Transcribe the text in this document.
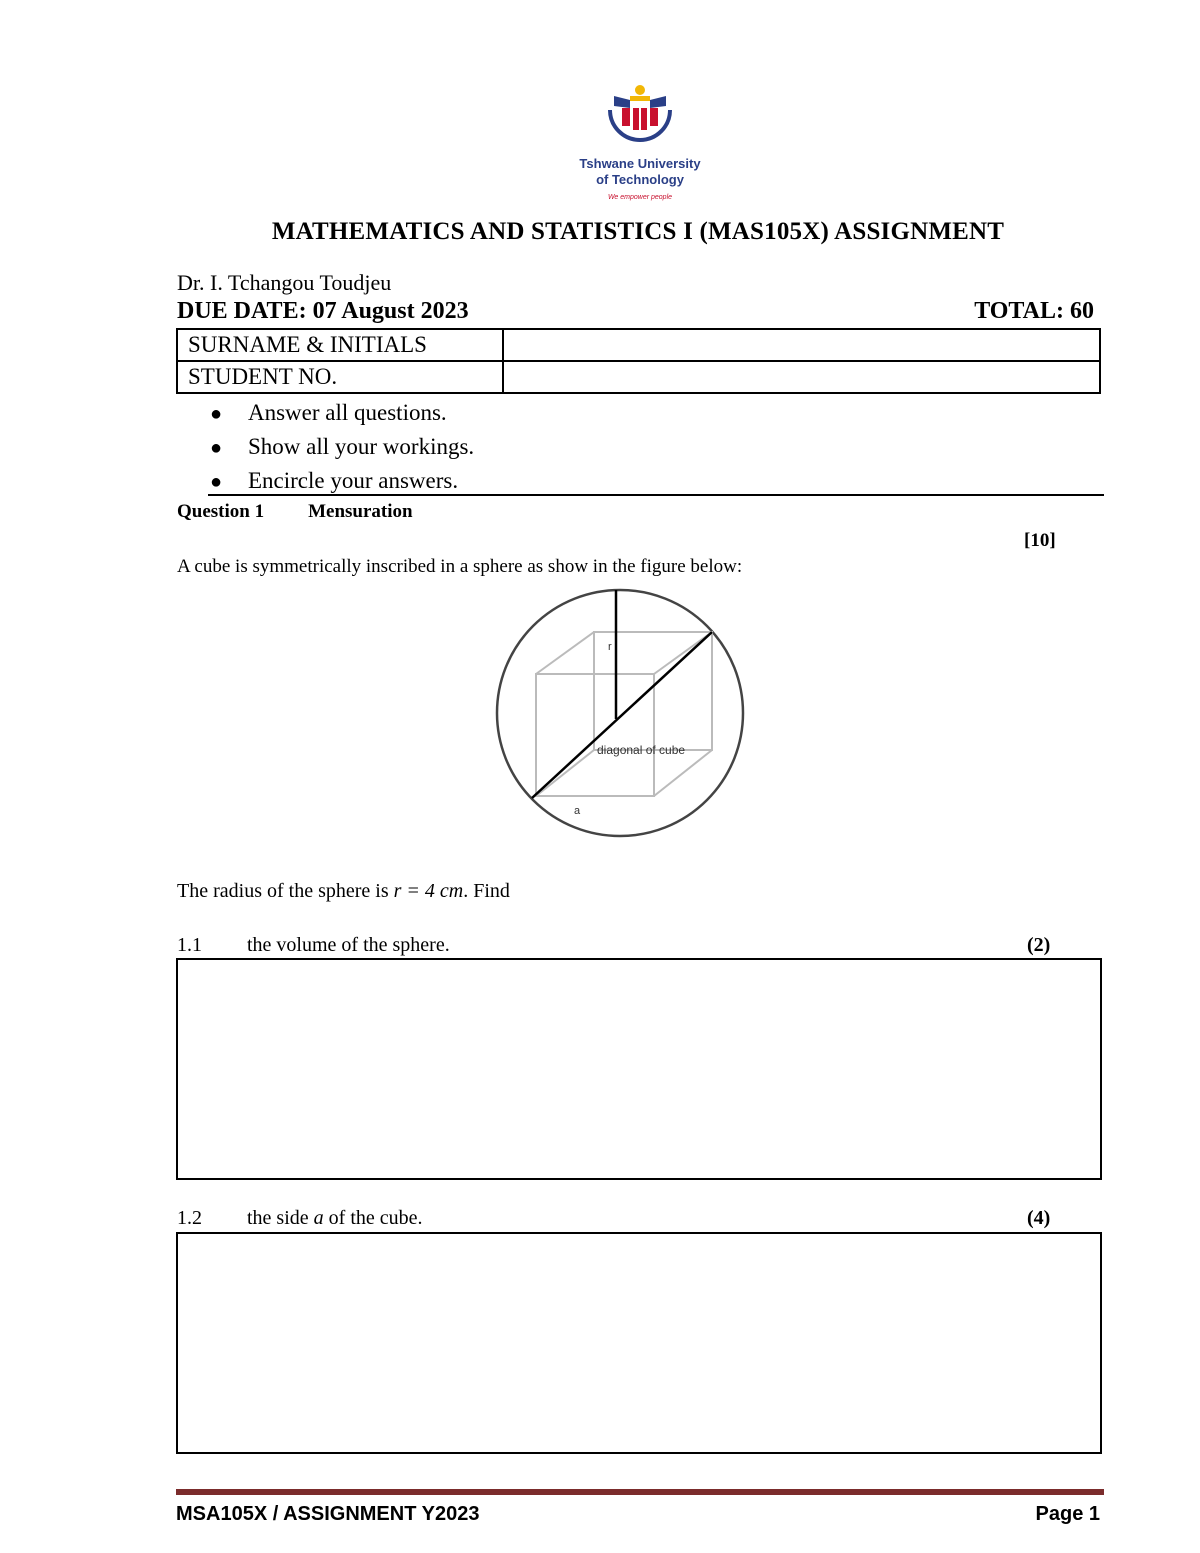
Tshwane University
of Technology
We empower people
MATHEMATICS AND STATISTICS I (MAS105X) ASSIGNMENT
Dr. I. Tchangou Toudjeu
DUE DATE: 07 August 2023	TOTAL: 60
SURNAME & INITIALS	
STUDENT NO.	
● Answer all questions.
● Show all your workings.
● Encircle your answers.
Question 1 Mensuration
[10]
A cube is symmetrically inscribed in a sphere as show in the figure below:
r
diagonal of cube
a
The radius of the sphere is r = 4 cm. Find
1.1 the volume of the sphere.	(2)
1.2 the side a of the cube.	(4)
MSA105X / ASSIGNMENT Y2023	Page 1
